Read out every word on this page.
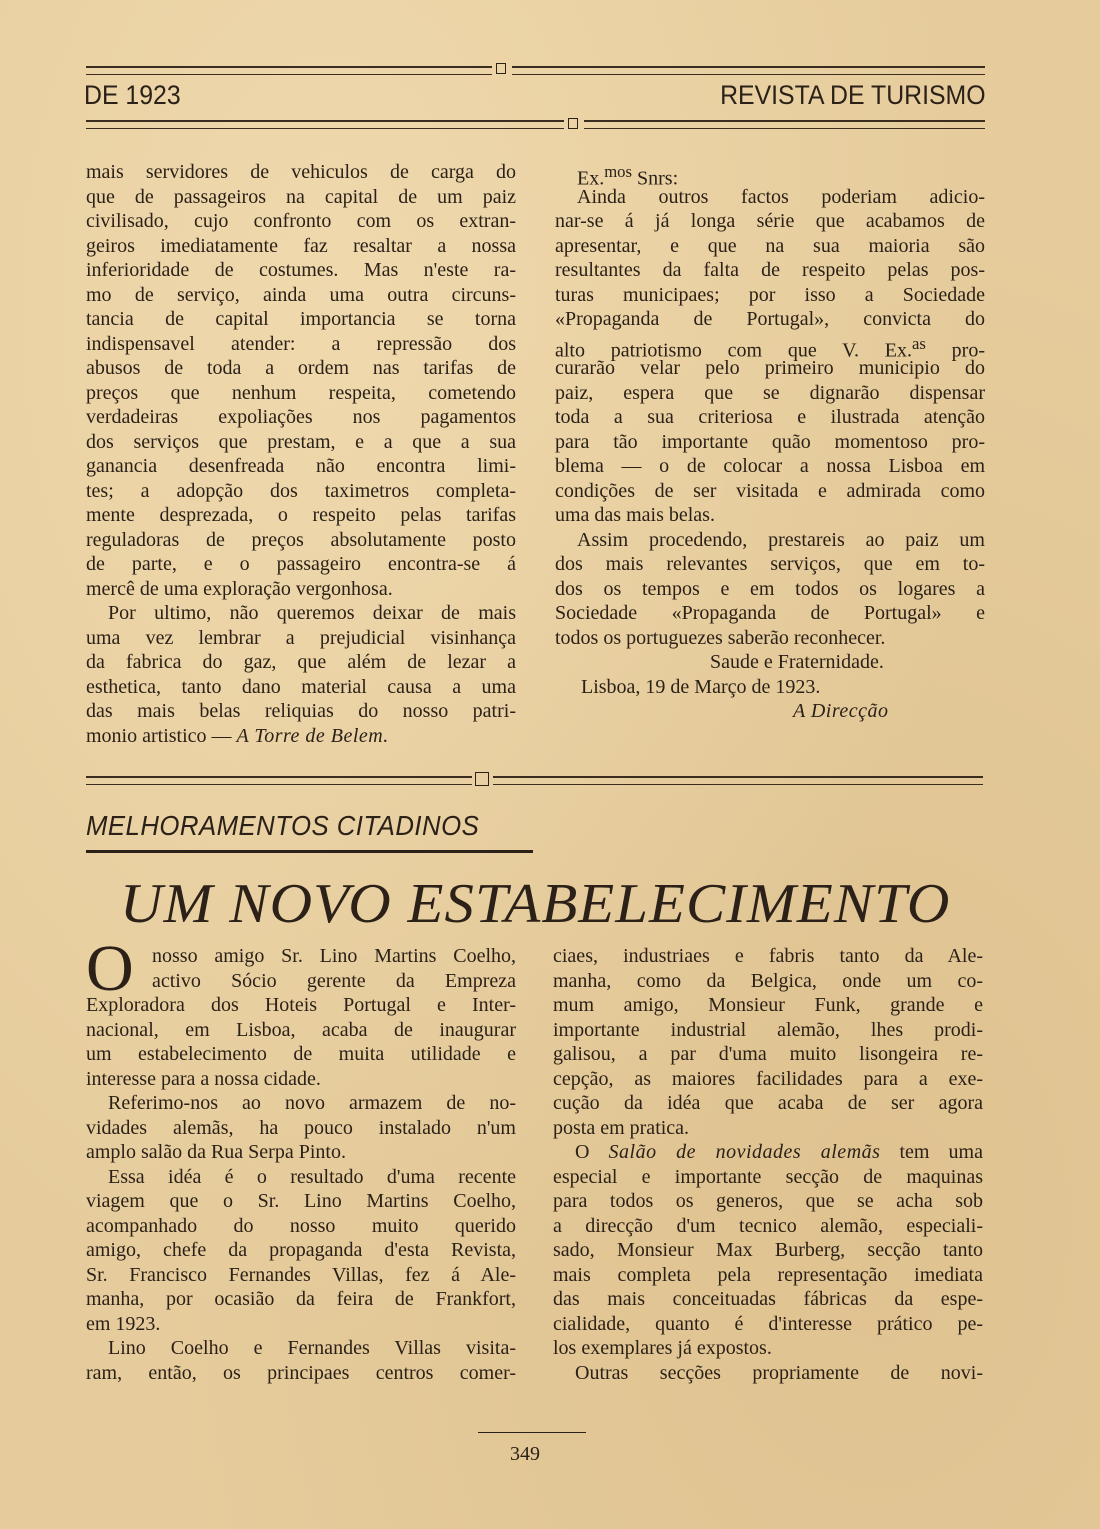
DE 1923	REVISTA DE TURISMO
mais servidores de vehiculos de carga do
que de passageiros na capital de um paiz
civilisado, cujo confronto com os extran-
geiros imediatamente faz resaltar a nossa
inferioridade de costumes. Mas n'este ra-
mo de serviço, ainda uma outra circuns-
tancia de capital importancia se torna
indispensavel atender: a repressão dos
abusos de toda a ordem nas tarifas de
preços que nenhum respeita, cometendo
verdadeiras expoliações nos pagamentos
dos serviços que prestam, e a que a sua
ganancia desenfreada não encontra limi-
tes; a adopção dos taximetros completa-
mente desprezada, o respeito pelas tarifas
reguladoras de preços absolutamente posto
de parte, e o passageiro encontra-se á
mercê de uma exploração vergonhosa.
Por ultimo, não queremos deixar de mais
uma vez lembrar a prejudicial visinhança
da fabrica do gaz, que além de lezar a
esthetica, tanto dano material causa a uma
das mais belas reliquias do nosso patri-
monio artistico — A Torre de Belem.
Ex.$^{mos}$ Snrs:
Ainda outros factos poderiam adicio-
nar-se á já longa série que acabamos de
apresentar, e que na sua maioria são
resultantes da falta de respeito pelas pos-
turas municipaes; por isso a Sociedade
«Propaganda de Portugal», convicta do
alto patriotismo com que V. Ex.$^{as}$ pro-
curarão velar pelo primeiro municipio do
paiz, espera que se dignarão dispensar
toda a sua criteriosa e ilustrada atenção
para tão importante quão momentoso pro-
blema — o de colocar a nossa Lisboa em
condições de ser visitada e admirada como
uma das mais belas.
Assim procedendo, prestareis ao paiz um
dos mais relevantes serviços, que em to-
dos os tempos e em todos os logares a
Sociedade «Propaganda de Portugal» e
todos os portuguezes saberão reconhecer.
Saude e Fraternidade.
Lisboa, 19 de Março de 1923.
A Direcção
MELHORAMENTOS CITADINOS
UM NOVO ESTABELECIMENTO
O nosso amigo Sr. Lino Martins Coelho,
activo Sócio gerente da Empreza
Exploradora dos Hoteis Portugal e Inter-
nacional, em Lisboa, acaba de inaugurar
um estabelecimento de muita utilidade e
interesse para a nossa cidade.
Referimo-nos ao novo armazem de no-
vidades alemãs, ha pouco instalado n'um
amplo salão da Rua Serpa Pinto.
Essa idéa é o resultado d'uma recente
viagem que o Sr. Lino Martins Coelho,
acompanhado do nosso muito querido
amigo, chefe da propaganda d'esta Revista,
Sr. Francisco Fernandes Villas, fez á Ale-
manha, por ocasião da feira de Frankfort,
em 1923.
Lino Coelho e Fernandes Villas visita-
ram, então, os principaes centros comer-
ciaes, industriaes e fabris tanto da Ale-
manha, como da Belgica, onde um co-
mum amigo, Monsieur Funk, grande e
importante industrial alemão, lhes prodi-
galisou, a par d'uma muito lisongeira re-
cepção, as maiores facilidades para a exe-
cução da idéa que acaba de ser agora
posta em pratica.
O Salão de novidades alemãs tem uma
especial e importante secção de maquinas
para todos os generos, que se acha sob
a direcção d'um tecnico alemão, especiali-
sado, Monsieur Max Burberg, secção tanto
mais completa pela representação imediata
das mais conceituadas fábricas da espe-
cialidade, quanto é d'interesse prático pe-
los exemplares já expostos.
Outras secções propriamente de novi-
349
